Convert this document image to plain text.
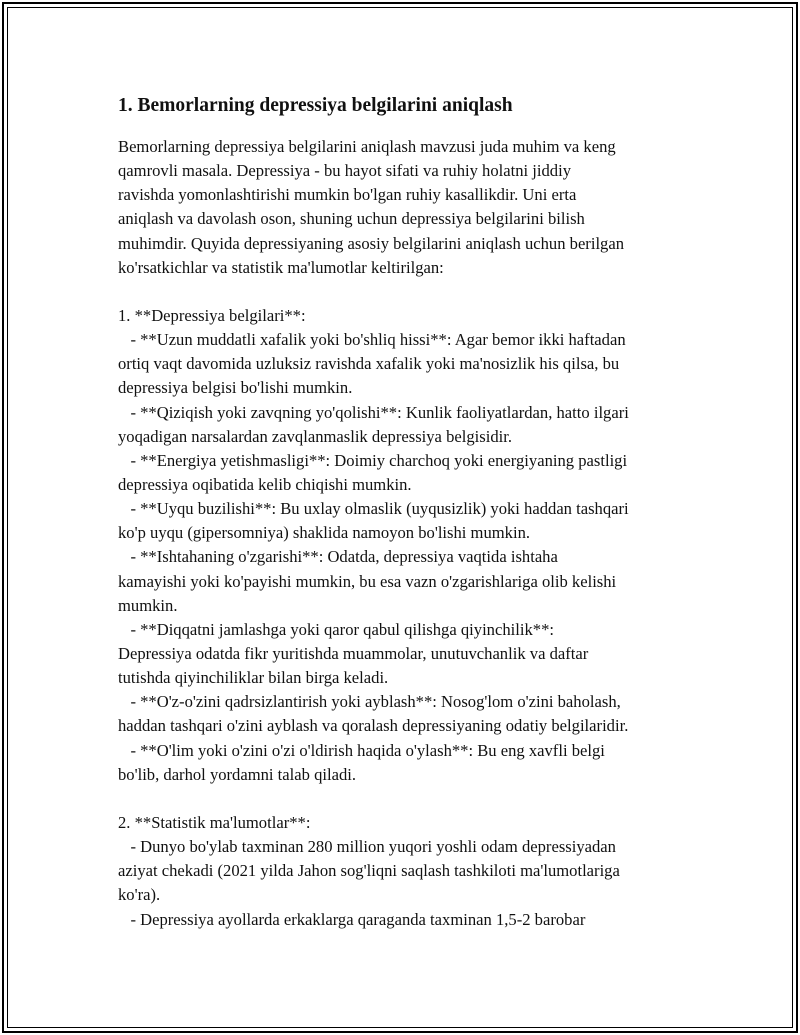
1. Bemorlarning depressiya belgilarini aniqlash
Bemorlarning depressiya belgilarini aniqlash mavzusi juda muhim va keng
qamrovli masala. Depressiya - bu hayot sifati va ruhiy holatni jiddiy
ravishda yomonlashtirishi mumkin bo'lgan ruhiy kasallikdir. Uni erta
aniqlash va davolash oson, shuning uchun depressiya belgilarini bilish
muhimdir. Quyida depressiyaning asosiy belgilarini aniqlash uchun berilgan
ko'rsatkichlar va statistik ma'lumotlar keltirilgan:
1. **Depressiya belgilari**:
- **Uzun muddatli xafalik yoki bo'shliq hissi**: Agar bemor ikki haftadan
ortiq vaqt davomida uzluksiz ravishda xafalik yoki ma'nosizlik his qilsa, bu
depressiya belgisi bo'lishi mumkin.
- **Qiziqish yoki zavqning yo'qolishi**: Kunlik faoliyatlardan, hatto ilgari
yoqadigan narsalardan zavqlanmaslik depressiya belgisidir.
- **Energiya yetishmasligi**: Doimiy charchoq yoki energiyaning pastligi
depressiya oqibatida kelib chiqishi mumkin.
- **Uyqu buzilishi**: Bu uxlay olmaslik (uyqusizlik) yoki haddan tashqari
ko'p uyqu (gipersomniya) shaklida namoyon bo'lishi mumkin.
- **Ishtahaning o'zgarishi**: Odatda, depressiya vaqtida ishtaha
kamayishi yoki ko'payishi mumkin, bu esa vazn o'zgarishlariga olib kelishi
mumkin.
- **Diqqatni jamlashga yoki qaror qabul qilishga qiyinchilik**:
Depressiya odatda fikr yuritishda muammolar, unutuvchanlik va daftar
tutishda qiyinchiliklar bilan birga keladi.
- **O'z-o'zini qadrsizlantirish yoki ayblash**: Nosog'lom o'zini baholash,
haddan tashqari o'zini ayblash va qoralash depressiyaning odatiy belgilaridir.
- **O'lim yoki o'zini o'zi o'ldirish haqida o'ylash**: Bu eng xavfli belgi
bo'lib, darhol yordamni talab qiladi.
2. **Statistik ma'lumotlar**:
- Dunyo bo'ylab taxminan 280 million yuqori yoshli odam depressiyadan
aziyat chekadi (2021 yilda Jahon sog'liqni saqlash tashkiloti ma'lumotlariga
ko'ra).
- Depressiya ayollarda erkaklarga qaraganda taxminan 1,5-2 barobar
